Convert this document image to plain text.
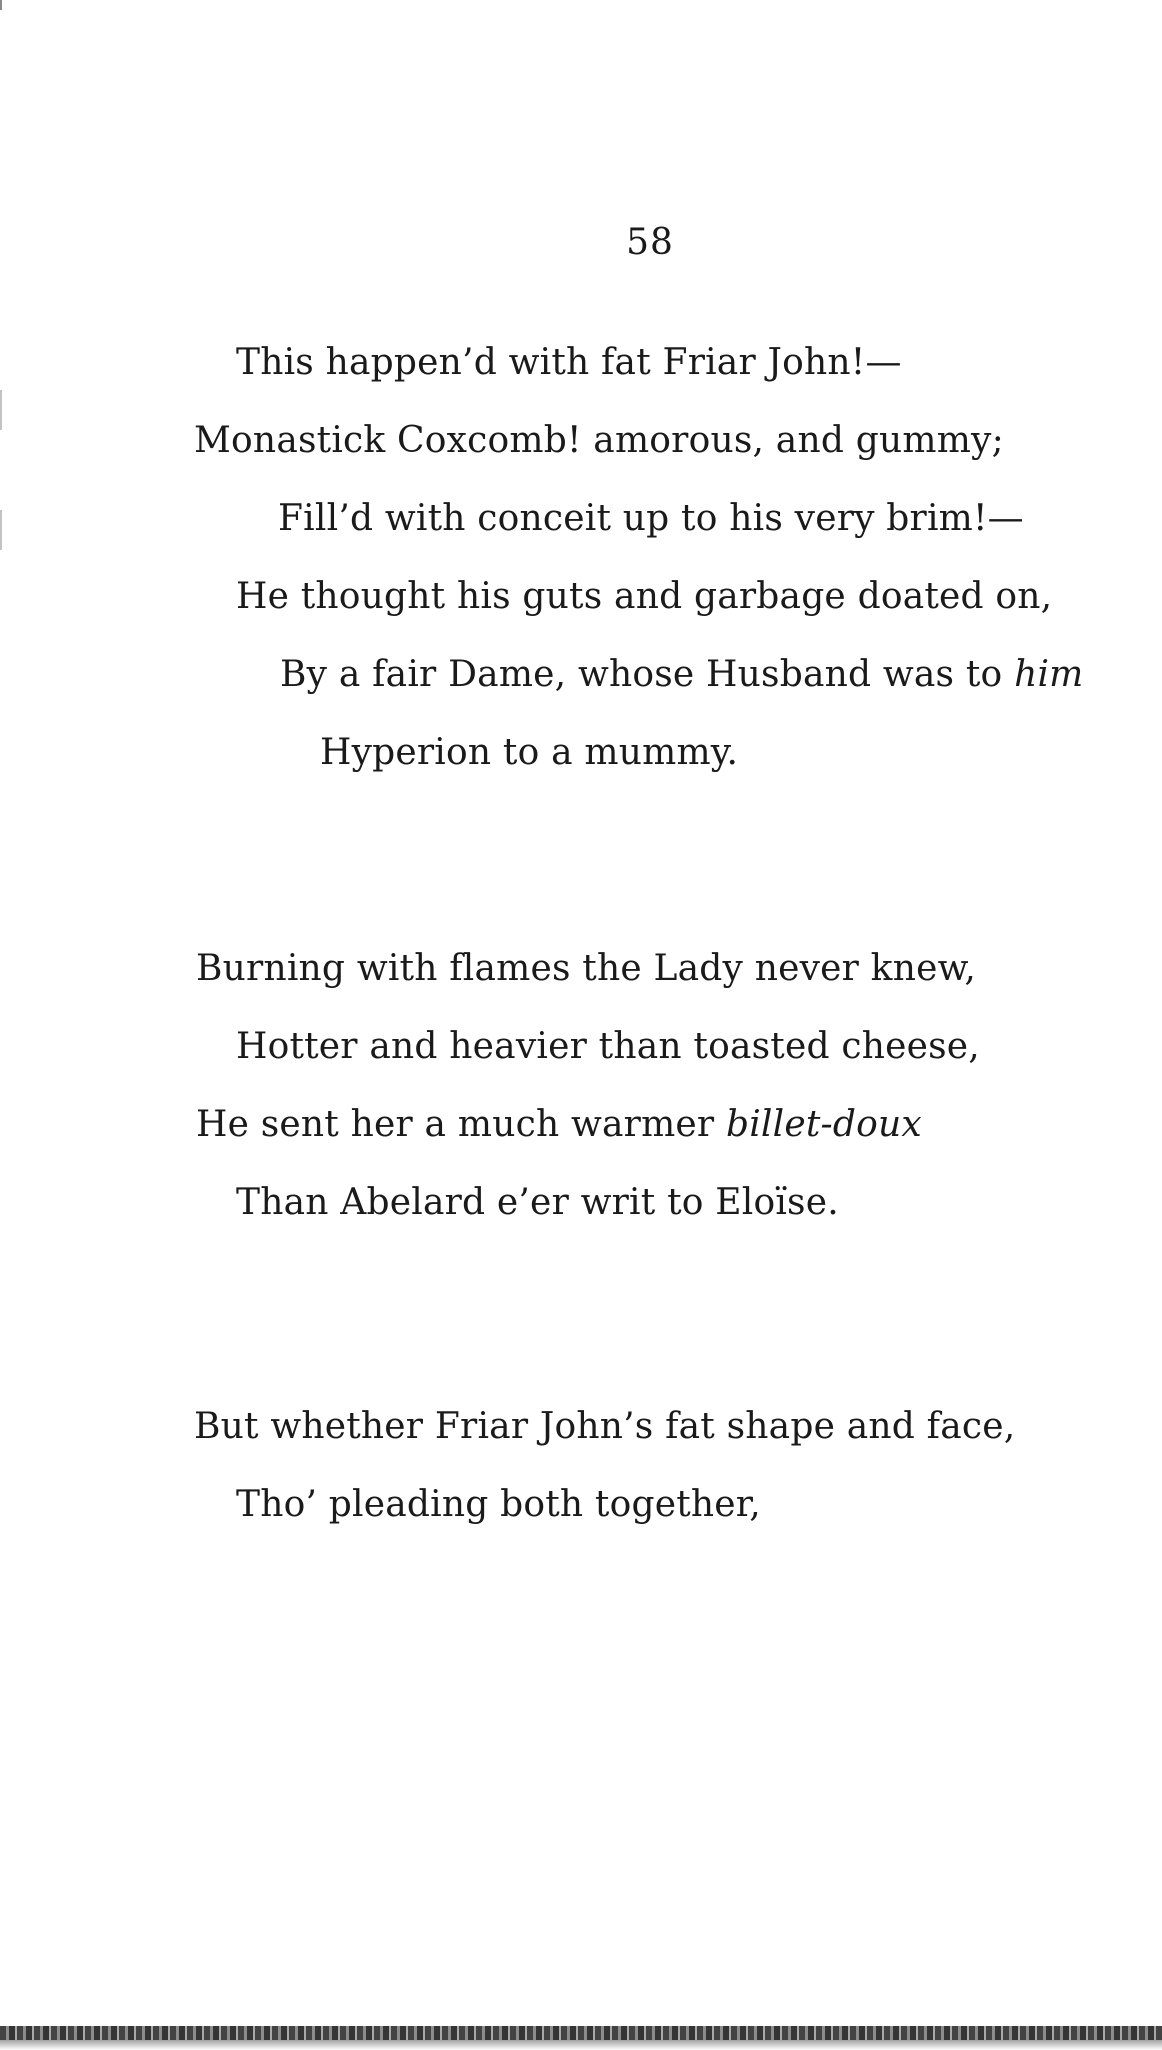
58
This happen’d with fat Friar John!—
Monastick Coxcomb! amorous, and gummy;
Fill’d with conceit up to his very brim!—
He thought his guts and garbage doated on,
By a fair Dame, whose Husband was to him
Hyperion to a mummy.
Burning with flames the Lady never knew,
Hotter and heavier than toasted cheese,
He sent her a much warmer billet-doux
Than Abelard e’er writ to Eloïse.
But whether Friar John’s fat shape and face,
Tho’ pleading both together,
